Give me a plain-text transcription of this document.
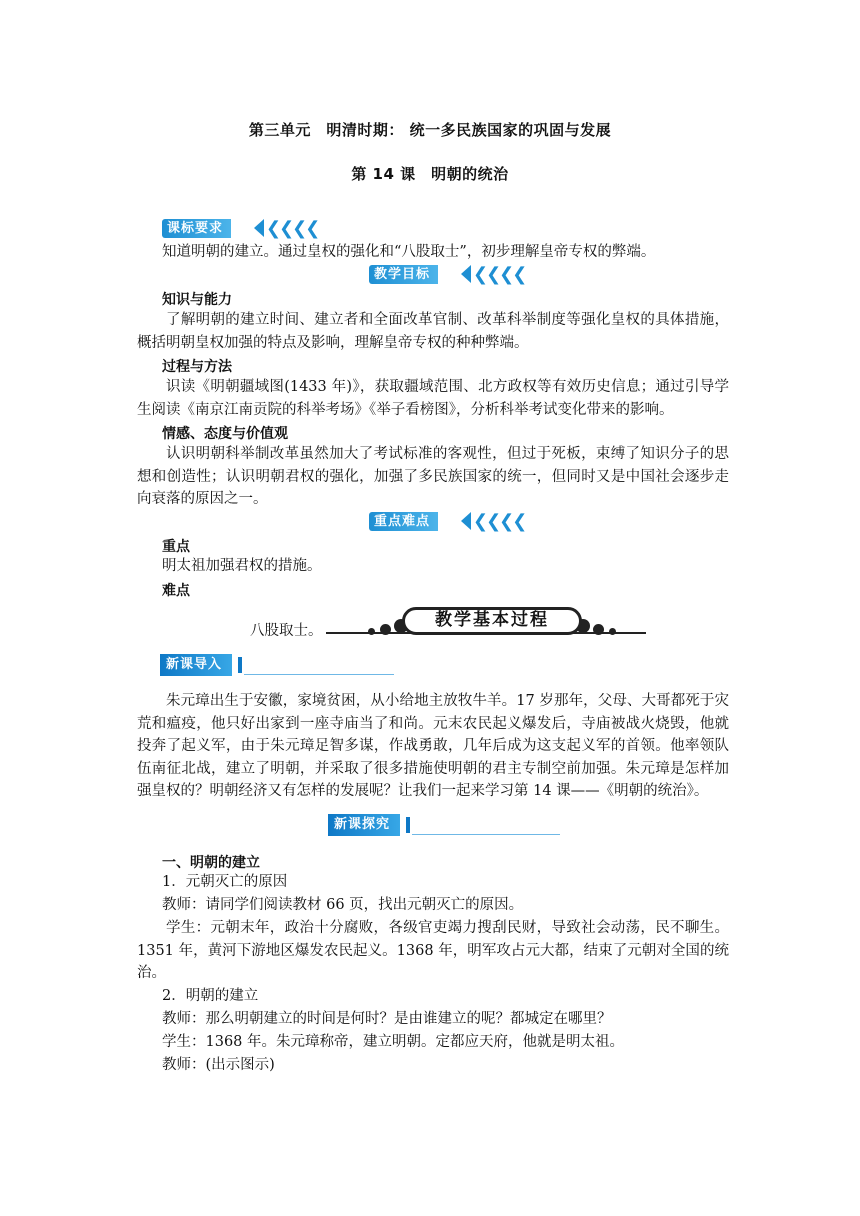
第三单元　明清时期： 统一多民族国家的巩固与发展
第 14 课　明朝的统治
课标要求	❮❮❮❮
知道明朝的建立。通过皇权的强化和“八股取士”，初步理解皇帝专权的弊端。
教学目标	❮❮❮❮
知识与能力
了解明朝的建立时间、建立者和全面改革官制、改革科举制度等强化皇权的具体措施，概括明朝皇权加强的特点及影响，理解皇帝专权的种种弊端。
过程与方法
识读《明朝疆域图(1433 年)》，获取疆域范围、北方政权等有效历史信息；通过引导学生阅读《南京江南贡院的科举考场》《举子看榜图》，分析科举考试变化带来的影响。
情感、态度与价值观
认识明朝科举制改革虽然加大了考试标准的客观性，但过于死板，束缚了知识分子的思想和创造性；认识明朝君权的强化，加强了多民族国家的统一，但同时又是中国社会逐步走向衰落的原因之一。
重点难点	❮❮❮❮
重点
明太祖加强君权的措施。
难点
八股取士。
教学基本过程
新课导入
朱元璋出生于安徽，家境贫困，从小给地主放牧牛羊。17 岁那年，父母、大哥都死于灾荒和瘟疫，他只好出家到一座寺庙当了和尚。元末农民起义爆发后，寺庙被战火烧毁，他就投奔了起义军，由于朱元璋足智多谋，作战勇敢，几年后成为这支起义军的首领。他率领队伍南征北战，建立了明朝，并采取了很多措施使明朝的君主专制空前加强。朱元璋是怎样加强皇权的？明朝经济又有怎样的发展呢？让我们一起来学习第 14 课——《明朝的统治》。
新课探究
一、明朝的建立
1．元朝灭亡的原因
教师：请同学们阅读教材 66 页，找出元朝灭亡的原因。
学生：元朝末年，政治十分腐败，各级官吏竭力搜刮民财，导致社会动荡，民不聊生。1351 年，黄河下游地区爆发农民起义。1368 年，明军攻占元大都，结束了元朝对全国的统治。
2．明朝的建立
教师：那么明朝建立的时间是何时？是由谁建立的呢？都城定在哪里？
学生：1368 年。朱元璋称帝，建立明朝。定都应天府，他就是明太祖。
教师：(出示图示)
